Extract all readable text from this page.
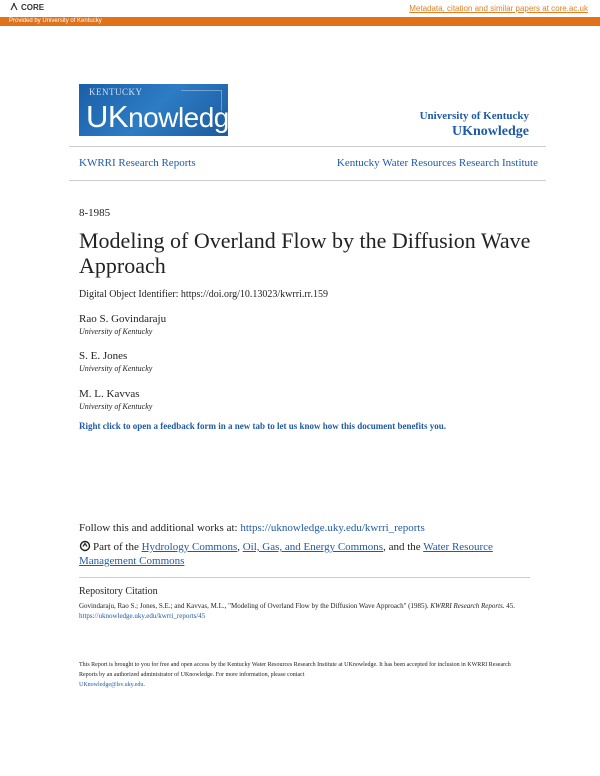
CORE	Metadata, citation and similar papers at core.ac.uk
Provided by University of Kentucky
KENTUCKY
UKnowledge	University of Kentucky
UKnowledge
KWRRI Research Reports	Kentucky Water Resources Research Institute
8-1985
Modeling of Overland Flow by the Diffusion Wave Approach
Digital Object Identifier: https://doi.org/10.13023/kwrri.rr.159
Rao S. Govindaraju
University of Kentucky
S. E. Jones
University of Kentucky
M. L. Kavvas
University of Kentucky
Right click to open a feedback form in a new tab to let us know how this document benefits you.
Follow this and additional works at: https://uknowledge.uky.edu/kwrri_reports
Part of the Hydrology Commons, Oil, Gas, and Energy Commons, and the Water Resource Management Commons
Repository Citation
Govindaraju, Rao S.; Jones, S.E.; and Kavvas, M.L., "Modeling of Overland Flow by the Diffusion Wave Approach" (1985). KWRRI Research Reports. 45.
https://uknowledge.uky.edu/kwrri_reports/45
This Report is brought to you for free and open access by the Kentucky Water Resources Research Institute at UKnowledge. It has been accepted for inclusion in KWRRI Research Reports by an authorized administrator of UKnowledge. For more information, please contact
UKnowledge@lsv.uky.edu.
